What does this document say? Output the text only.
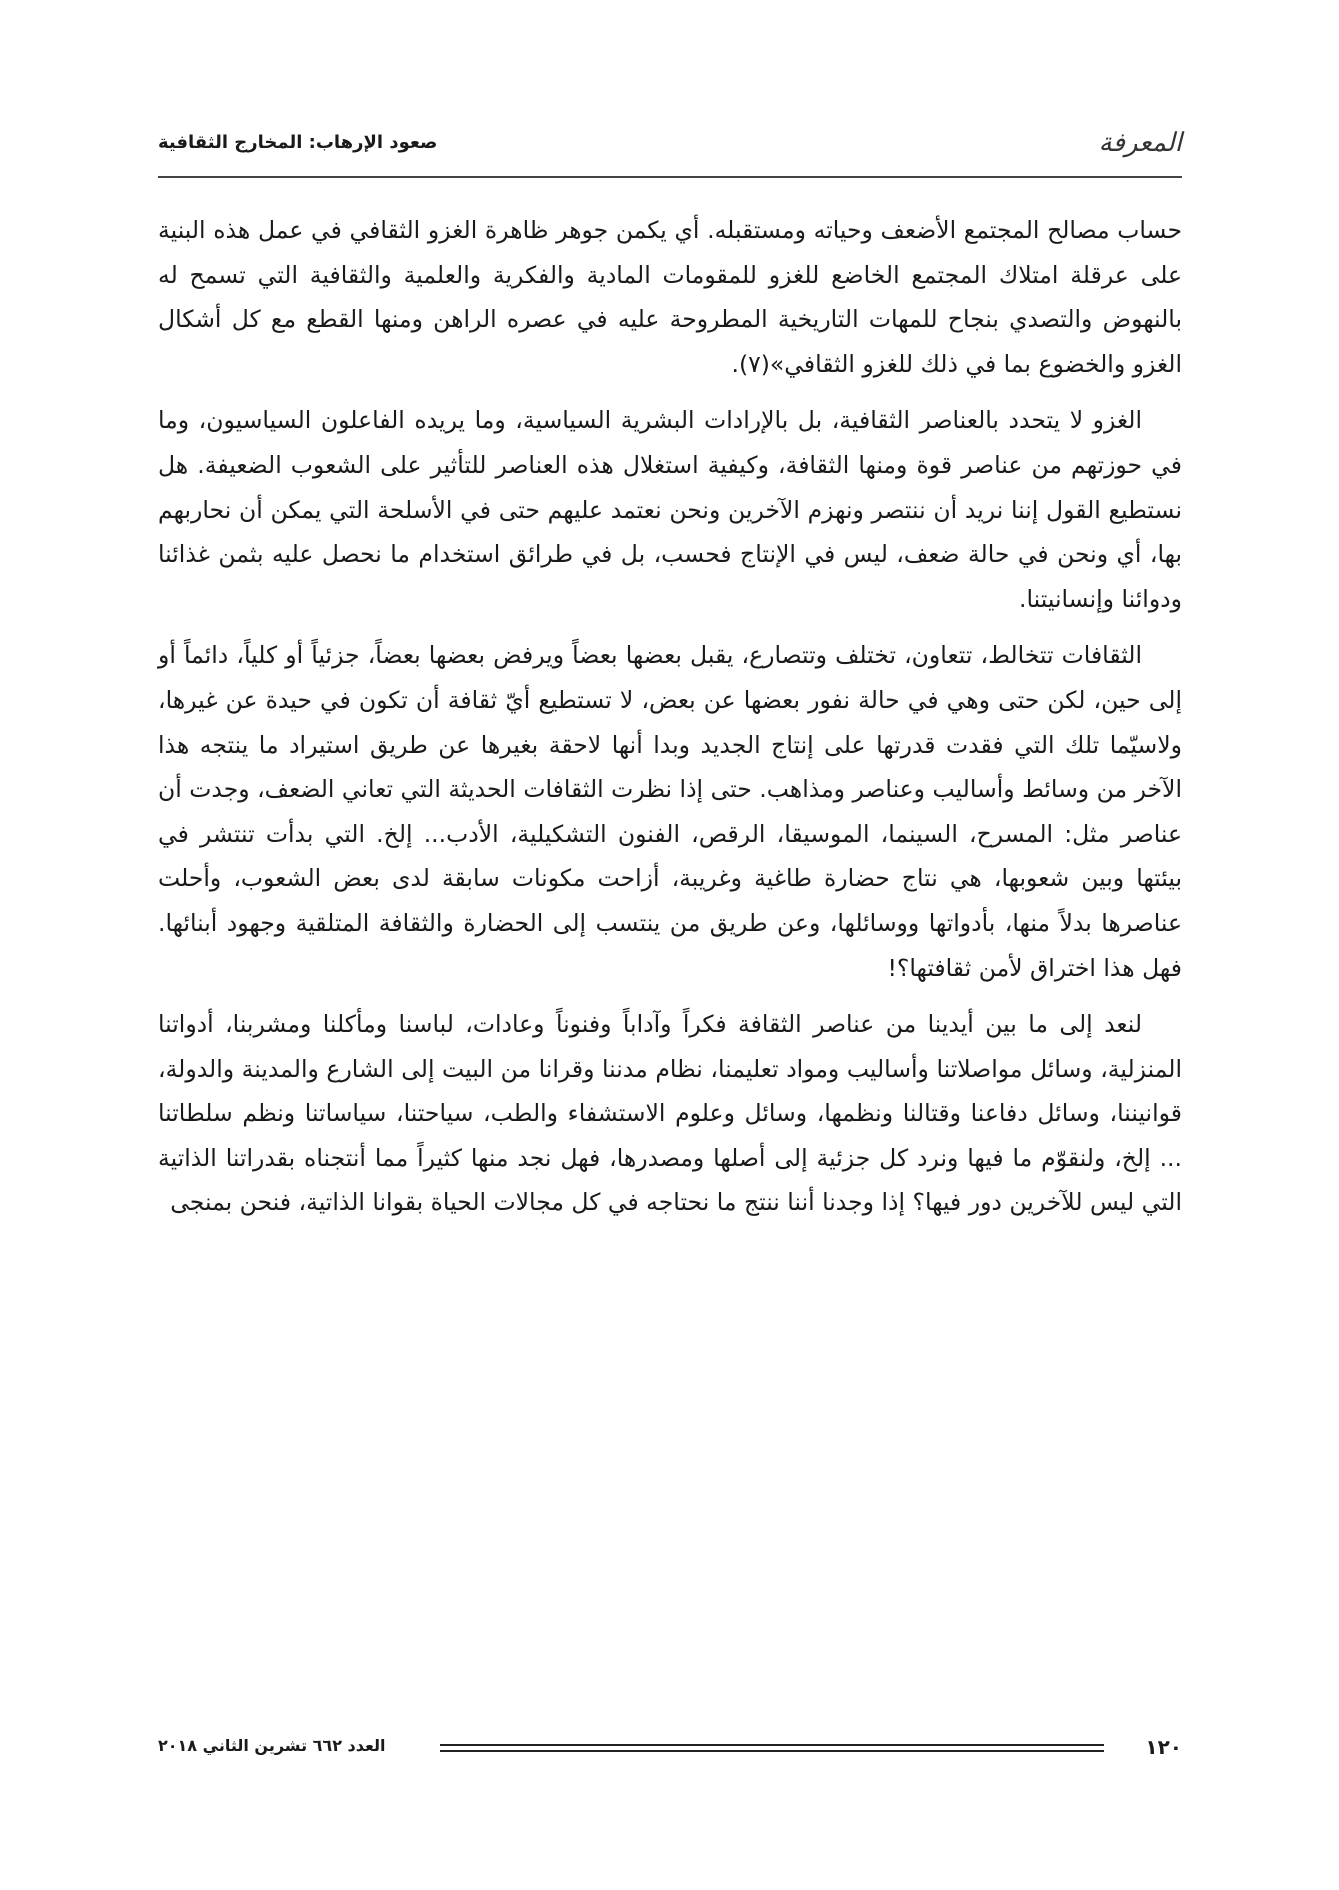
المعرفة
صعود الإرهاب: المخارج الثقافية

حساب مصالح المجتمع الأضعف وحياته ومستقبله. أي يكمن جوهر ظاهرة الغزو الثقافي في عمل هذه البنية على عرقلة امتلاك المجتمع الخاضع للغزو للمقومات المادية والفكرية والعلمية والثقافية التي تسمح له بالنهوض والتصدي بنجاح للمهات التاريخية المطروحة عليه في عصره الراهن ومنها القطع مع كل أشكال الغزو والخضوع بما في ذلك للغزو الثقافي»(٧).

الغزو لا يتحدد بالعناصر الثقافية، بل بالإرادات البشرية السياسية، وما يريده الفاعلون السياسيون، وما في حوزتهم من عناصر قوة ومنها الثقافة، وكيفية استغلال هذه العناصر للتأثير على الشعوب الضعيفة. هل نستطيع القول إننا نريد أن ننتصر ونهزم الآخرين ونحن نعتمد عليهم حتى في الأسلحة التي يمكن أن نحاربهم بها، أي ونحن في حالة ضعف، ليس في الإنتاج فحسب، بل في طرائق استخدام ما نحصل عليه بثمن غذائنا ودوائنا وإنسانيتنا.

الثقافات تتخالط، تتعاون، تختلف وتتصارع، يقبل بعضها بعضاً ويرفض بعضها بعضاً، جزئياً أو كلياً، دائماً أو إلى حين، لكن حتى وهي في حالة نفور بعضها عن بعض، لا تستطيع أيّ ثقافة أن تكون في حيدة عن غيرها، ولاسيّما تلك التي فقدت قدرتها على إنتاج الجديد وبدا أنها لاحقة بغيرها عن طريق استيراد ما ينتجه هذا الآخر من وسائط وأساليب وعناصر ومذاهب. حتى إذا نظرت الثقافات الحديثة التي تعاني الضعف، وجدت أن عناصر مثل: المسرح، السينما، الموسيقا، الرقص، الفنون التشكيلية، الأدب... إلخ. التي بدأت تنتشر في بيئتها وبين شعوبها، هي نتاج حضارة طاغية وغريبة، أزاحت مكونات سابقة لدى بعض الشعوب، وأحلت عناصرها بدلاً منها، بأدواتها ووسائلها، وعن طريق من ينتسب إلى الحضارة والثقافة المتلقية وجهود أبنائها. فهل هذا اختراق لأمن ثقافتها؟!

لنعد إلى ما بين أيدينا من عناصر الثقافة فكراً وآداباً وفنوناً وعادات، لباسنا ومأكلنا ومشربنا، أدواتنا المنزلية، وسائل مواصلاتنا وأساليب ومواد تعليمنا، نظام مدننا وقرانا من البيت إلى الشارع والمدينة والدولة، قوانيننا، وسائل دفاعنا وقتالنا ونظمها، وسائل وعلوم الاستشفاء والطب، سياحتنا، سياساتنا ونظم سلطاتنا ... إلخ، ولنقوّم ما فيها ونرد كل جزئية إلى أصلها ومصدرها، فهل نجد منها كثيراً مما أنتجناه بقدراتنا الذاتية التي ليس للآخرين دور فيها؟ إذا وجدنا أننا ننتج ما نحتاجه في كل مجالات الحياة بقوانا الذاتية، فنحن بمنجى

١٢٠
العدد ٦٦٢ تشرين الثاني ٢٠١٨
